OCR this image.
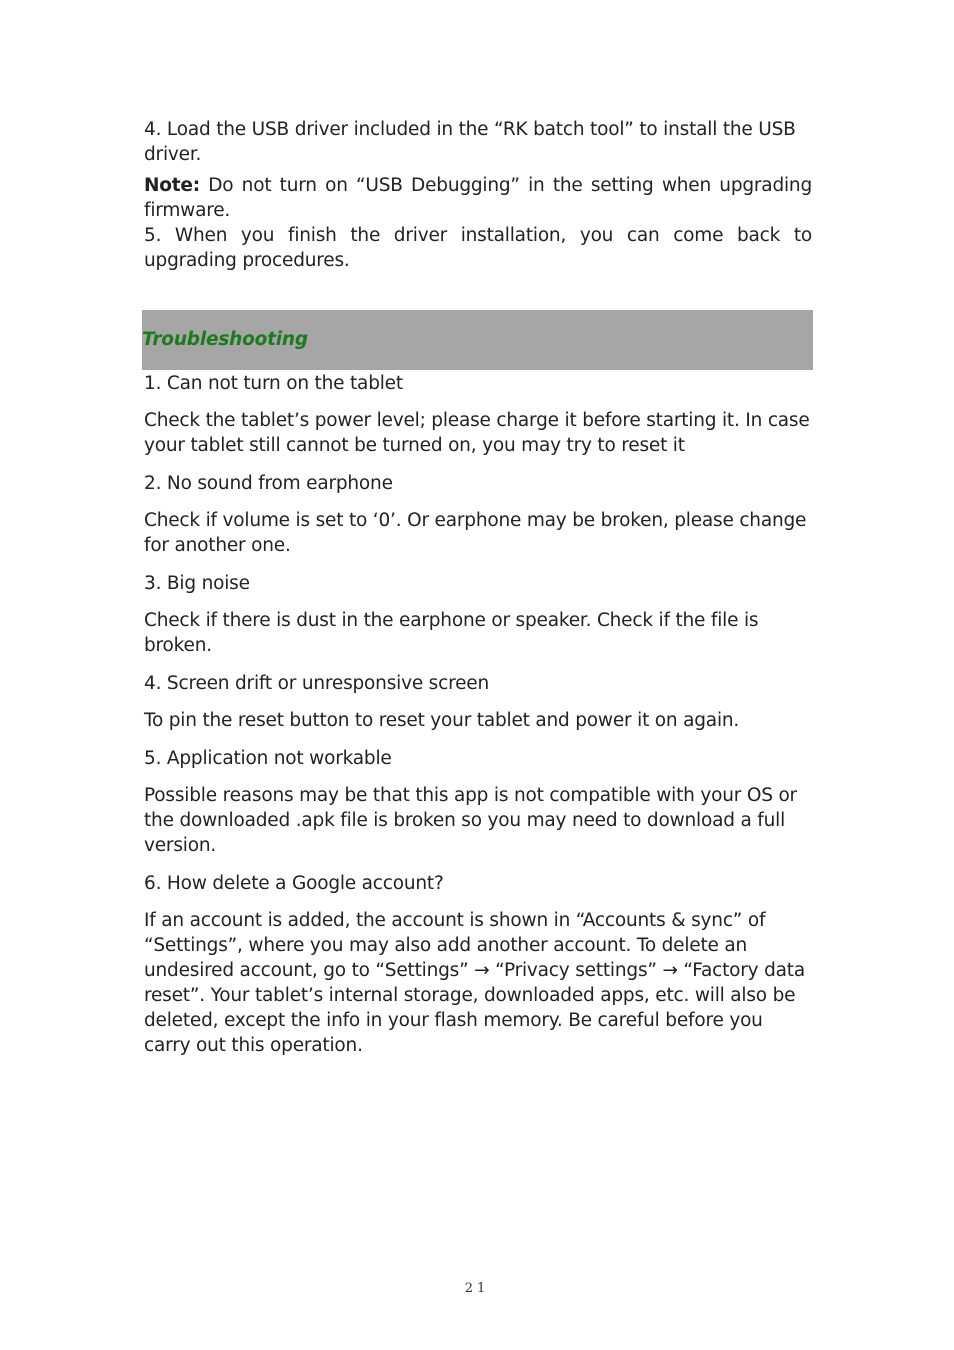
4. Load the USB driver included in the “RK batch tool” to install the USB driver.

Note: Do not turn on “USB Debugging” in the setting when upgrading firmware.

5. When you finish the driver installation, you can come back to upgrading procedures.

Troubleshooting

1. Can not turn on the tablet

Check the tablet’s power level; please charge it before starting it. In case your tablet still cannot be turned on, you may try to reset it

2. No sound from earphone

Check if volume is set to ‘0’. Or earphone may be broken, please change for another one.

3. Big noise

Check if there is dust in the earphone or speaker. Check if the file is broken.

4. Screen drift or unresponsive screen

To pin the reset button to reset your tablet and power it on again.

5. Application not workable

Possible reasons may be that this app is not compatible with your OS or the downloaded .apk file is broken so you may need to download a full version.

6. How delete a Google account?

If an account is added, the account is shown in “Accounts & sync” of “Settings”, where you may also add another account. To delete an undesired account, go to “Settings” → “Privacy settings” → “Factory data reset”. Your tablet’s internal storage, downloaded apps, etc. will also be deleted, except the info in your flash memory. Be careful before you carry out this operation.

21
